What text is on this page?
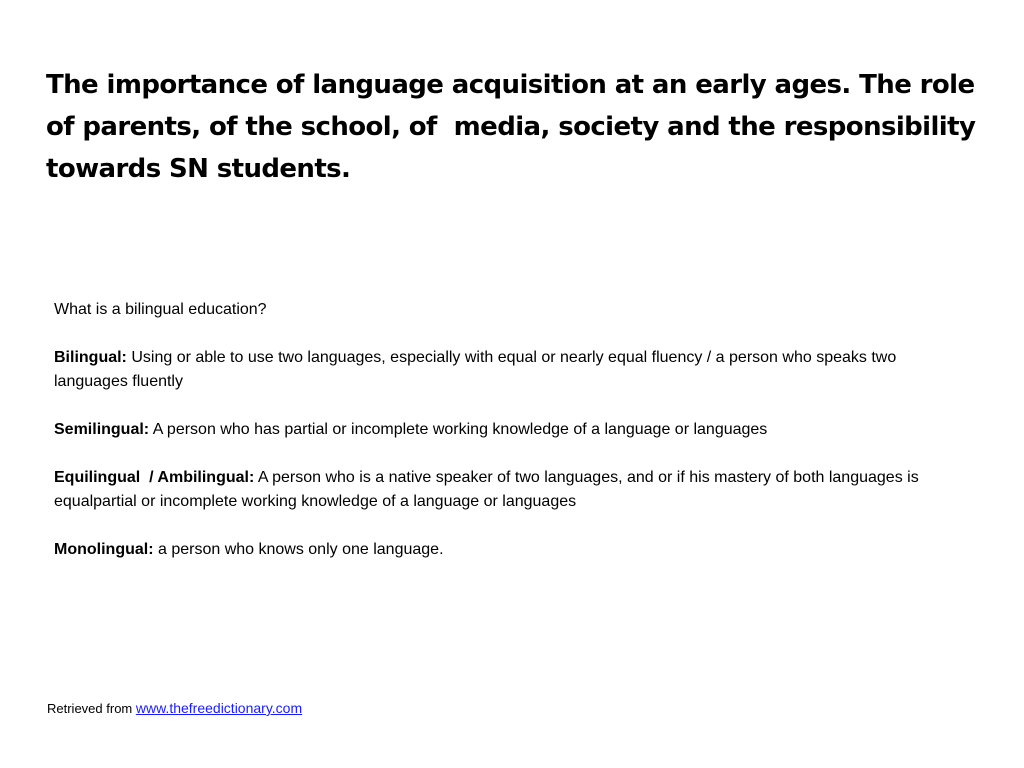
The importance of language acquisition at an early ages. The role of parents, of the school, of  media, society and the responsibility towards SN students.

What is a bilingual education?

Bilingual: Using or able to use two languages, especially with equal or nearly equal fluency / a person who speaks two languages fluently

Semilingual: A person who has partial or incomplete working knowledge of a language or languages

Equilingual  / Ambilingual: A person who is a native speaker of two languages, and or if his mastery of both languages is equalpartial or incomplete working knowledge of a language or languages

Monolingual: a person who knows only one language.

Retrieved from www.thefreedictionary.com
